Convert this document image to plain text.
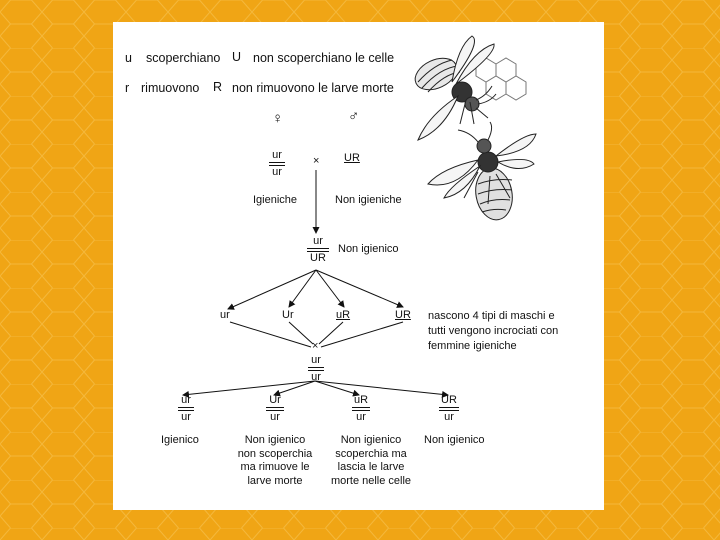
u scoperchiano U non scoperchiano le celle
r rimuovono R non rimuovono le larve morte
♀	♂
ur
ur
× UR
Igieniche	Non igieniche
ur
UR
Non igienico
ur	Ur	uR	UR nascono 4 tipi di maschi e
tutti vengono incrociati con
femmine igieniche
×
ur
ur
ur
ur
Ur
ur
uR
ur
UR
ur
Igienico	Non igienico
non scoperchia
ma rimuove le
larve morte
Non igienico
scoperchia ma
lascia le larve
morte nelle celle
Non igienico
